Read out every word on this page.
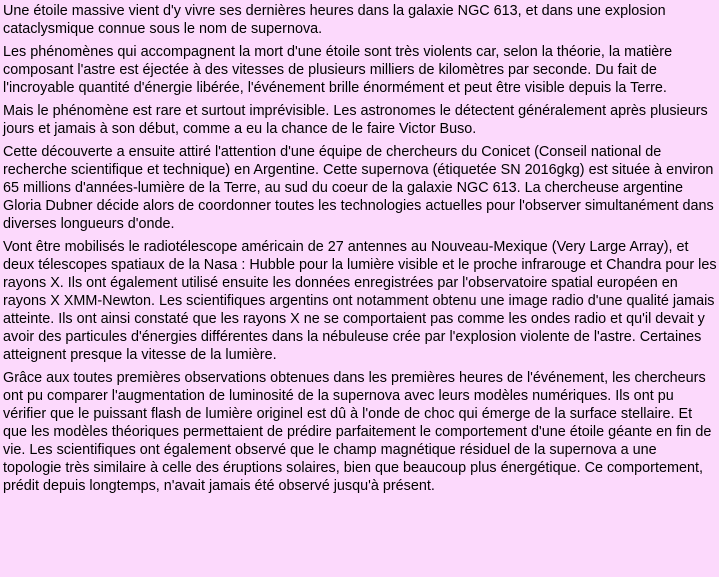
Une étoile massive vient d'y vivre ses dernières heures dans la galaxie NGC 613, et dans une explosion cataclysmique connue sous le nom de supernova.

Les phénomènes qui accompagnent la mort d'une étoile sont très violents car, selon la théorie, la matière composant l'astre est éjectée à des vitesses de plusieurs milliers de kilomètres par seconde. Du fait de l'incroyable quantité d'énergie libérée, l'événement brille énormément et peut être visible depuis la Terre.

Mais le phénomène est rare et surtout imprévisible. Les astronomes le détectent généralement après plusieurs jours et jamais à son début, comme a eu la chance de le faire Victor Buso.

Cette découverte a ensuite attiré l'attention d'une équipe de chercheurs du Conicet (Conseil national de recherche scientifique et technique) en Argentine. Cette supernova (étiquetée SN 2016gkg) est située à environ 65 millions d'années-lumière de la Terre, au sud du coeur de la galaxie NGC 613. La chercheuse argentine Gloria Dubner décide alors de coordonner toutes les technologies actuelles pour l'observer simultanément dans diverses longueurs d'onde.

Vont être mobilisés le radiotélescope américain de 27 antennes au Nouveau-Mexique (Very Large Array), et deux télescopes spatiaux de la Nasa : Hubble pour la lumière visible et le proche infrarouge et Chandra pour les rayons X. Ils ont également utilisé ensuite les données enregistrées par l'observatoire spatial européen en rayons X XMM-Newton. Les scientifiques argentins ont notamment obtenu une image radio d'une qualité jamais atteinte. Ils ont ainsi constaté que les rayons X ne se comportaient pas comme les ondes radio et qu'il devait y avoir des particules d'énergies différentes dans la nébuleuse crée par l'explosion violente de l'astre. Certaines atteignent presque la vitesse de la lumière.

Grâce aux toutes premières observations obtenues dans les premières heures de l'événement, les chercheurs ont pu comparer l'augmentation de luminosité de la supernova avec leurs modèles numériques. Ils ont pu vérifier que le puissant flash de lumière originel est dû à l'onde de choc qui émerge de la surface stellaire. Et que les modèles théoriques permettaient de prédire parfaitement le comportement d'une étoile géante en fin de vie. Les scientifiques ont également observé que le champ magnétique résiduel de la supernova a une topologie très similaire à celle des éruptions solaires, bien que beaucoup plus énergétique. Ce comportement, prédit depuis longtemps, n'avait jamais été observé jusqu'à présent.
